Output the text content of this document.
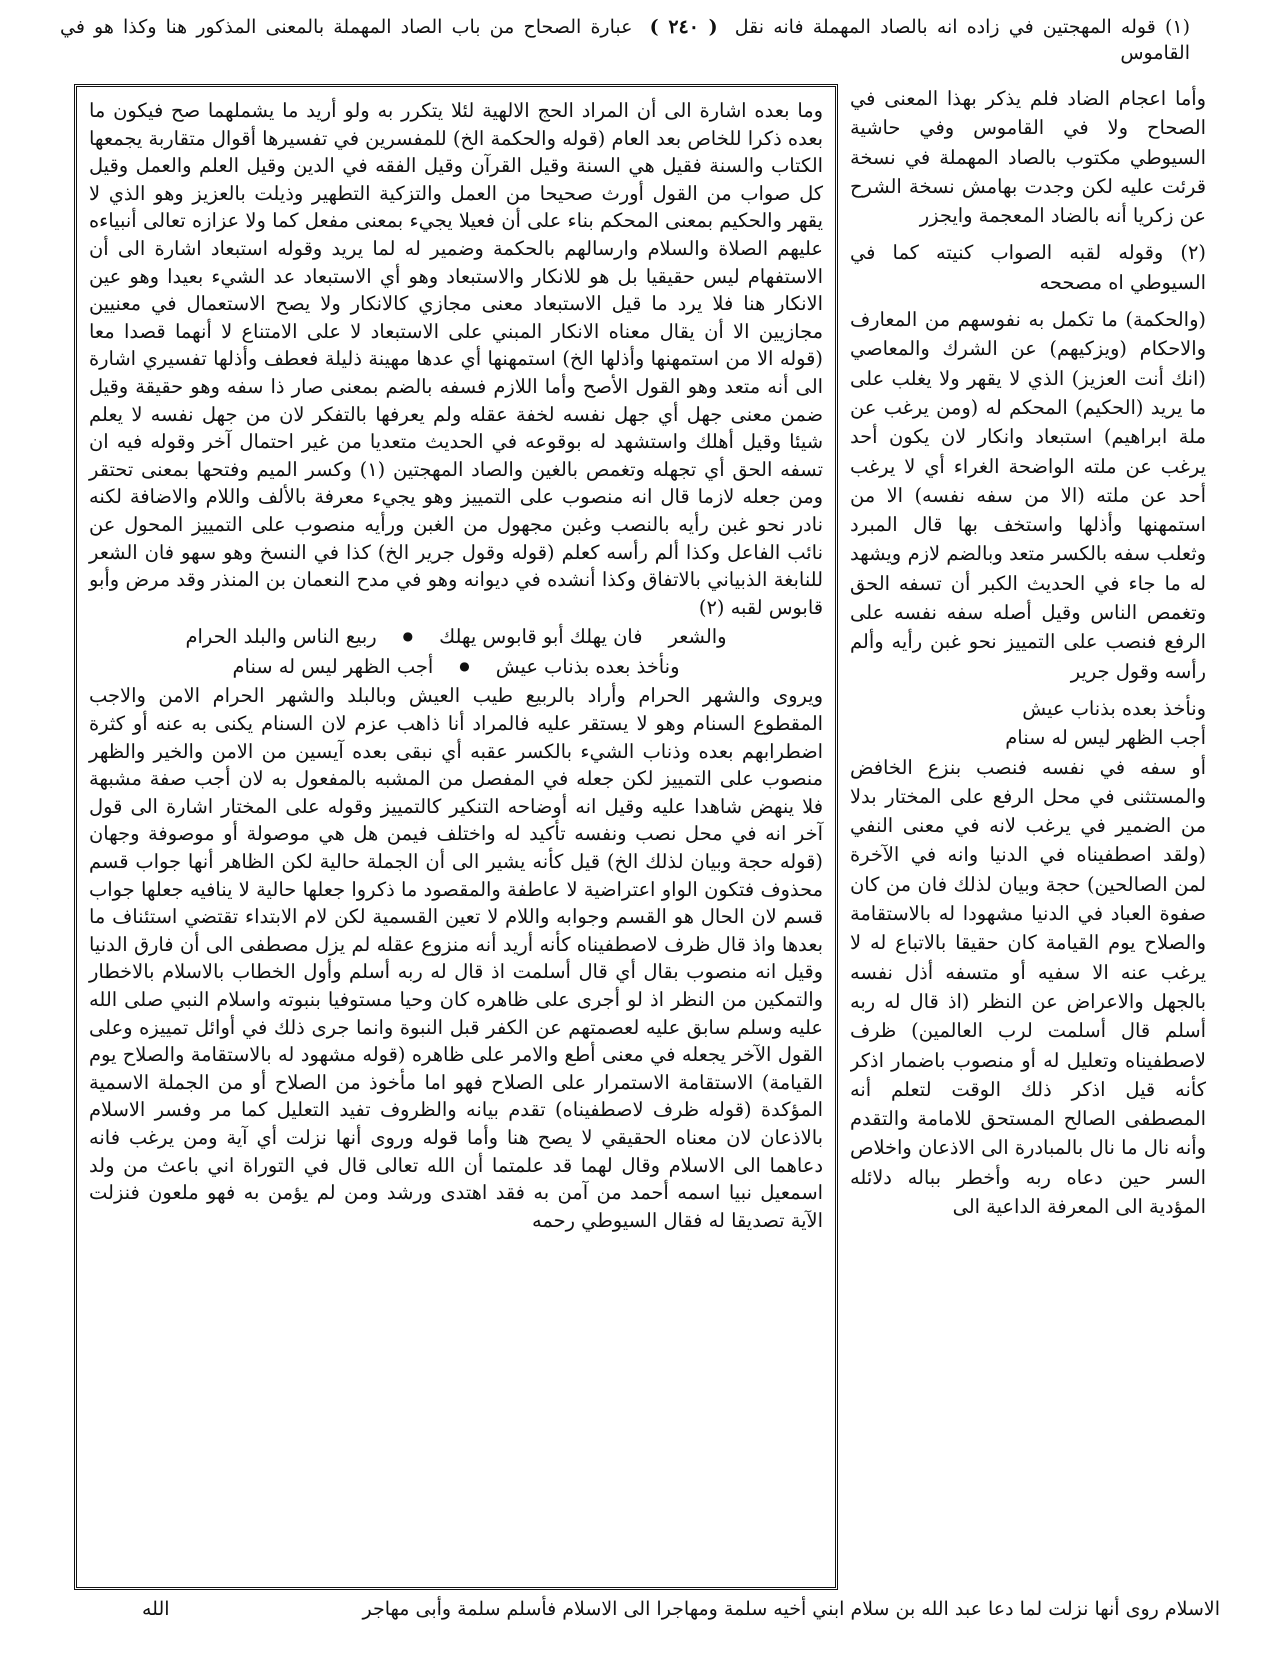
(١) قوله المهجتين في زاده انه بالصاد المهملة فانه نقل ( ٢٤٠ ) عبارة الصحاح من باب الصاد المهملة بالمعنى المذكور هنا وكذا هو في القاموس

وما بعده اشارة الى أن المراد الحج الالهية لئلا يتكرر به ولو أريد ما يشملهما صح فيكون ما بعده ذكرا للخاص بعد العام (قوله والحكمة الخ) للمفسرين في تفسيرها أقوال متقاربة يجمعها الكتاب والسنة فقيل هي السنة وقيل القرآن وقيل الفقه في الدين وقيل العلم والعمل وقيل كل صواب من القول أورث صحيحا من العمل والتزكية التطهير وذيلت بالعزيز وهو الذي لا يقهر والحكيم بمعنى المحكم بناء على أن فعيلا يجيء بمعنى مفعل كما ولا عزازه تعالى أنبياءه عليهم الصلاة والسلام وارسالهم بالحكمة وضمير له لما يريد وقوله استبعاد اشارة الى أن الاستفهام ليس حقيقيا بل هو للانكار والاستبعاد وهو أي الاستبعاد عد الشيء بعيدا وهو عين الانكار هنا فلا يرد ما قيل الاستبعاد معنى مجازي كالانكار ولا يصح الاستعمال في معنيين مجازيين الا أن يقال معناه الانكار المبني على الاستبعاد لا على الامتناع لا أنهما قصدا معا (قوله الا من استمهنها وأذلها الخ) استمهنها أي عدها مهينة ذليلة فعطف وأذلها تفسيري اشارة الى أنه متعد وهو القول الأصح وأما اللازم فسفه بالضم بمعنى صار ذا سفه وهو حقيقة وقيل ضمن معنى جهل أي جهل نفسه لخفة عقله ولم يعرفها بالتفكر لان من جهل نفسه لا يعلم شيئا وقيل أهلك واستشهد له بوقوعه في الحديث متعديا من غير احتمال آخر وقوله فيه ان تسفه الحق أي تجهله وتغمص بالغين والصاد المهجتين (١) وكسر الميم وفتحها بمعنى تحتقر ومن جعله لازما قال انه منصوب على التمييز وهو يجيء معرفة بالألف واللام والاضافة لكنه نادر نحو غبن رأيه بالنصب وغبن مجهول من الغبن ورأيه منصوب على التمييز المحول عن نائب الفاعل وكذا ألم رأسه كعلم (قوله وقول جرير الخ) كذا في النسخ وهو سهو فان الشعر للنابغة الذبياني بالاتفاق وكذا أنشده في ديوانه وهو في مدح النعمان بن المنذر وقد مرض وأبو قابوس لقبه (٢)

والشعر
فان يهلك أبو قابوس يهلك
●
ربيع الناس والبلد الحرام
ونأخذ بعده بذناب عيش
●
أجب الظهر ليس له سنام

ويروى والشهر الحرام وأراد بالربيع طيب العيش وبالبلد والشهر الحرام الامن والاجب المقطوع السنام وهو لا يستقر عليه فالمراد أنا ذاهب عزم لان السنام يكنى به عنه أو كثرة اضطرابهم بعده وذناب الشيء بالكسر عقبه أي نبقى بعده آيسين من الامن والخير والظهر منصوب على التمييز لكن جعله في المفصل من المشبه بالمفعول به لان أجب صفة مشبهة فلا ينهض شاهدا عليه وقيل انه أوضاحه التنكير كالتمييز وقوله على المختار اشارة الى قول آخر انه في محل نصب ونفسه تأكيد له واختلف فيمن هل هي موصولة أو موصوفة وجهان (قوله حجة وبيان لذلك الخ) قيل كأنه يشير الى أن الجملة حالية لكن الظاهر أنها جواب قسم محذوف فتكون الواو اعتراضية لا عاطفة والمقصود ما ذكروا جعلها حالية لا ينافيه جعلها جواب قسم لان الحال هو القسم وجوابه واللام لا تعين القسمية لكن لام الابتداء تقتضي استئناف ما بعدها واذ قال ظرف لاصطفيناه كأنه أريد أنه منزوع عقله لم يزل مصطفى الى أن فارق الدنيا وقيل انه منصوب بقال أي قال أسلمت اذ قال له ربه أسلم وأول الخطاب بالاسلام بالاخطار والتمكين من النظر اذ لو أجرى على ظاهره كان وحيا مستوفيا بنبوته واسلام النبي صلى الله عليه وسلم سابق عليه لعصمتهم عن الكفر قبل النبوة وانما جرى ذلك في أوائل تمييزه وعلى القول الآخر يجعله في معنى أطع والامر على ظاهره (قوله مشهود له بالاستقامة والصلاح يوم القيامة) الاستقامة الاستمرار على الصلاح فهو اما مأخوذ من الصلاح أو من الجملة الاسمية المؤكدة (قوله ظرف لاصطفيناه) تقدم بيانه والظروف تفيد التعليل كما مر وفسر الاسلام بالاذعان لان معناه الحقيقي لا يصح هنا وأما قوله وروى أنها نزلت أي آية ومن يرغب فانه دعاهما الى الاسلام وقال لهما قد علمتما أن الله تعالى قال في التوراة اني باعث من ولد اسمعيل نبيا اسمه أحمد من آمن به فقد اهتدى ورشد ومن لم يؤمن به فهو ملعون فنزلت الآية تصديقا له فقال السيوطي رحمه

وأما اعجام الضاد فلم يذكر بهذا المعنى في الصحاح ولا في القاموس وفي حاشية السيوطي مكتوب بالصاد المهملة في نسخة قرئت عليه لكن وجدت بهامش نسخة الشرح عن زكريا أنه بالضاد المعجمة وايجزر

(٢) وقوله لقبه الصواب كنيته كما في السيوطي اه مصححه

(والحكمة) ما تكمل به نفوسهم من المعارف والاحكام (ويزكيهم) عن الشرك والمعاصي (انك أنت العزيز) الذي لا يقهر ولا يغلب على ما يريد (الحكيم) المحكم له (ومن يرغب عن ملة ابراهيم) استبعاد وانكار لان يكون أحد يرغب عن ملته الواضحة الغراء أي لا يرغب أحد عن ملته (الا من سفه نفسه) الا من استمهنها وأذلها واستخف بها قال المبرد وثعلب سفه بالكسر متعد وبالضم لازم ويشهد له ما جاء في الحديث الكبر أن تسفه الحق وتغمص الناس وقيل أصله سفه نفسه على الرفع فنصب على التمييز نحو غبن رأيه وألم رأسه وقول جرير

ونأخذ بعده بذناب عيش
أجب الظهر ليس له سنام

أو سفه في نفسه فنصب بنزع الخافض والمستثنى في محل الرفع على المختار بدلا من الضمير في يرغب لانه في معنى النفي (ولقد اصطفيناه في الدنيا وانه في الآخرة لمن الصالحين) حجة وبيان لذلك فان من كان صفوة العباد في الدنيا مشهودا له بالاستقامة والصلاح يوم القيامة كان حقيقا بالاتباع له لا يرغب عنه الا سفيه أو متسفه أذل نفسه بالجهل والاعراض عن النظر (اذ قال له ربه أسلم قال أسلمت لرب العالمين) ظرف لاصطفيناه وتعليل له أو منصوب باضمار اذكر كأنه قيل اذكر ذلك الوقت لتعلم أنه المصطفى الصالح المستحق للامامة والتقدم وأنه نال ما نال بالمبادرة الى الاذعان واخلاص السر حين دعاه ربه وأخطر بباله دلائله المؤدية الى المعرفة الداعية الى

الاسلام روى أنها نزلت لما دعا عبد الله بن سلام ابني أخيه سلمة ومهاجرا الى الاسلام فأسلم سلمة وأبى مهاجر
الله
